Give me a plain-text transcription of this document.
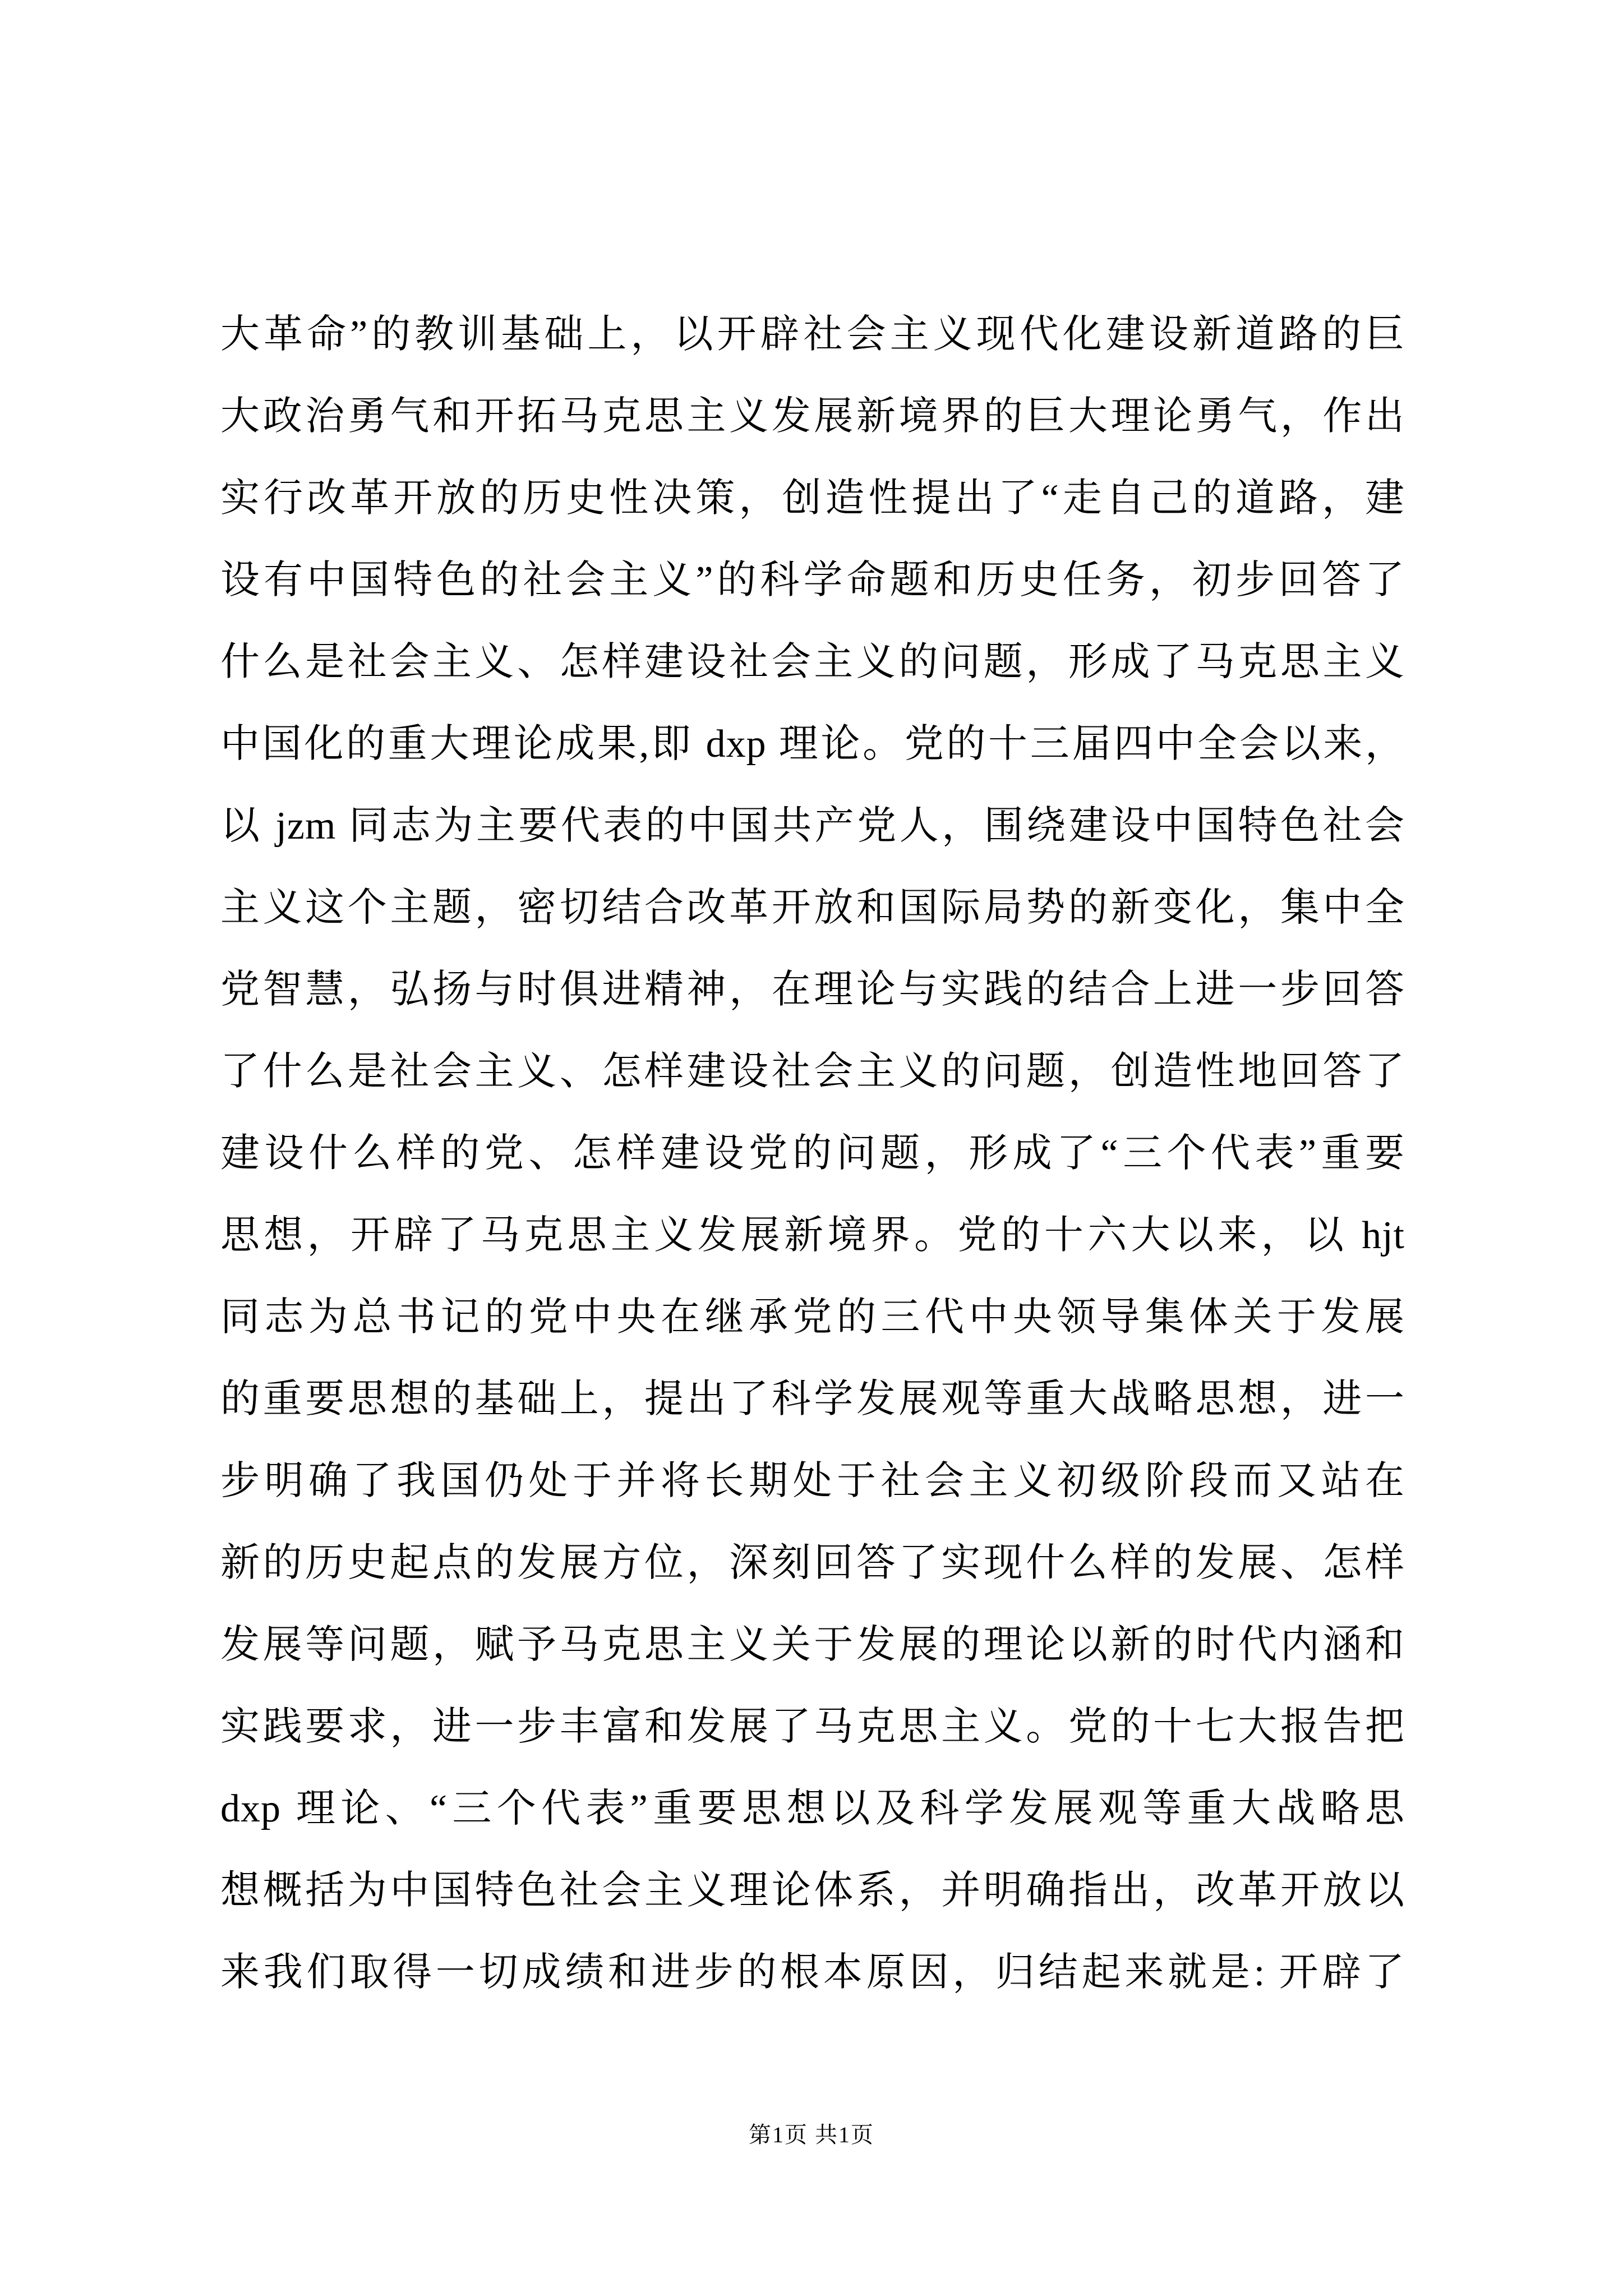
大革命”的教训基础上，以开辟社会主义现代化建设新道路的巨
大政治勇气和开拓马克思主义发展新境界的巨大理论勇气，作出
实行改革开放的历史性决策，创造性提出了“走自己的道路，建
设有中国特色的社会主义”的科学命题和历史任务，初步回答了
什么是社会主义、怎样建设社会主义的问题，形成了马克思主义
中国化的重大理论成果,即 dxp 理论。党的十三届四中全会以来，
以 jzm 同志为主要代表的中国共产党人，围绕建设中国特色社会
主义这个主题，密切结合改革开放和国际局势的新变化，集中全
党智慧，弘扬与时俱进精神，在理论与实践的结合上进一步回答
了什么是社会主义、怎样建设社会主义的问题，创造性地回答了
建设什么样的党、怎样建设党的问题，形成了“三个代表”重要
思想，开辟了马克思主义发展新境界。党的十六大以来，以 hjt
同志为总书记的党中央在继承党的三代中央领导集体关于发展
的重要思想的基础上，提出了科学发展观等重大战略思想，进一
步明确了我国仍处于并将长期处于社会主义初级阶段而又站在
新的历史起点的发展方位，深刻回答了实现什么样的发展、怎样
发展等问题，赋予马克思主义关于发展的理论以新的时代内涵和
实践要求，进一步丰富和发展了马克思主义。党的十七大报告把
dxp 理论、“三个代表”重要思想以及科学发展观等重大战略思
想概括为中国特色社会主义理论体系，并明确指出，改革开放以
来我们取得一切成绩和进步的根本原因，归结起来就是: 开辟了
第1页 共1页
